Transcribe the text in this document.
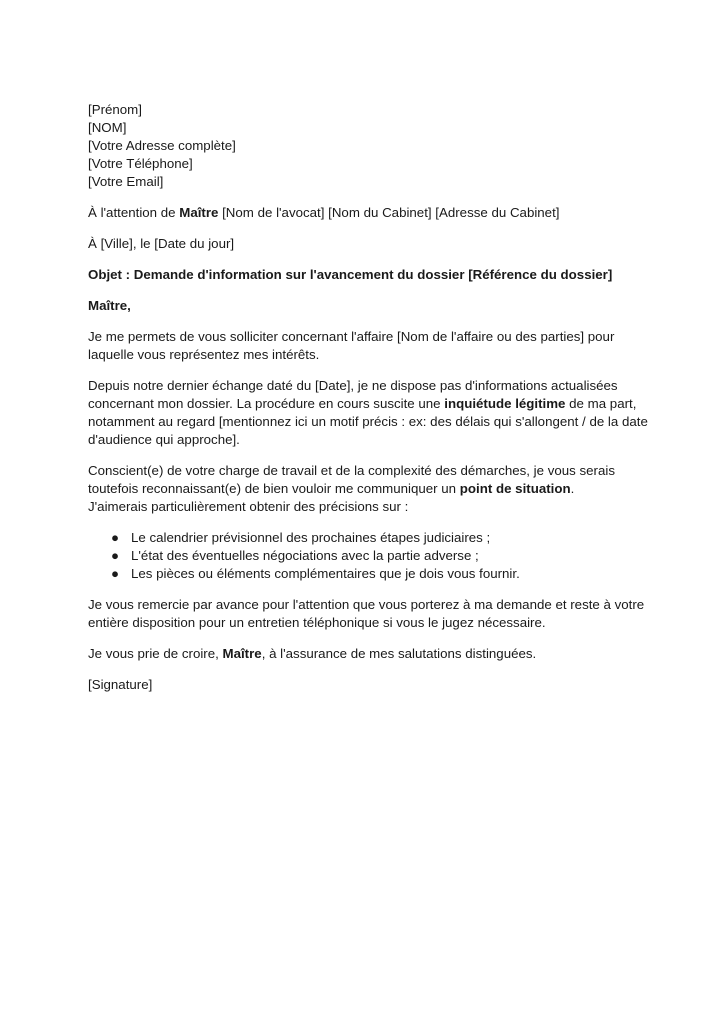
[Prénom]
[NOM]
[Votre Adresse complète]
[Votre Téléphone]
[Votre Email]

À l'attention de Maître [Nom de l'avocat] [Nom du Cabinet] [Adresse du Cabinet]

À [Ville], le [Date du jour]

Objet : Demande d'information sur l'avancement du dossier [Référence du dossier]

Maître,

Je me permets de vous solliciter concernant l'affaire [Nom de l'affaire ou des parties] pour laquelle vous représentez mes intérêts.

Depuis notre dernier échange daté du [Date], je ne dispose pas d'informations actualisées concernant mon dossier. La procédure en cours suscite une inquiétude légitime de ma part, notamment au regard [mentionnez ici un motif précis : ex: des délais qui s'allongent / de la date d'audience qui approche].

Conscient(e) de votre charge de travail et de la complexité des démarches, je vous serais toutefois reconnaissant(e) de bien vouloir me communiquer un point de situation.
J'aimerais particulièrement obtenir des précisions sur :

● Le calendrier prévisionnel des prochaines étapes judiciaires ;
● L'état des éventuelles négociations avec la partie adverse ;
● Les pièces ou éléments complémentaires que je dois vous fournir.

Je vous remercie par avance pour l'attention que vous porterez à ma demande et reste à votre entière disposition pour un entretien téléphonique si vous le jugez nécessaire.

Je vous prie de croire, Maître, à l'assurance de mes salutations distinguées.

[Signature]
